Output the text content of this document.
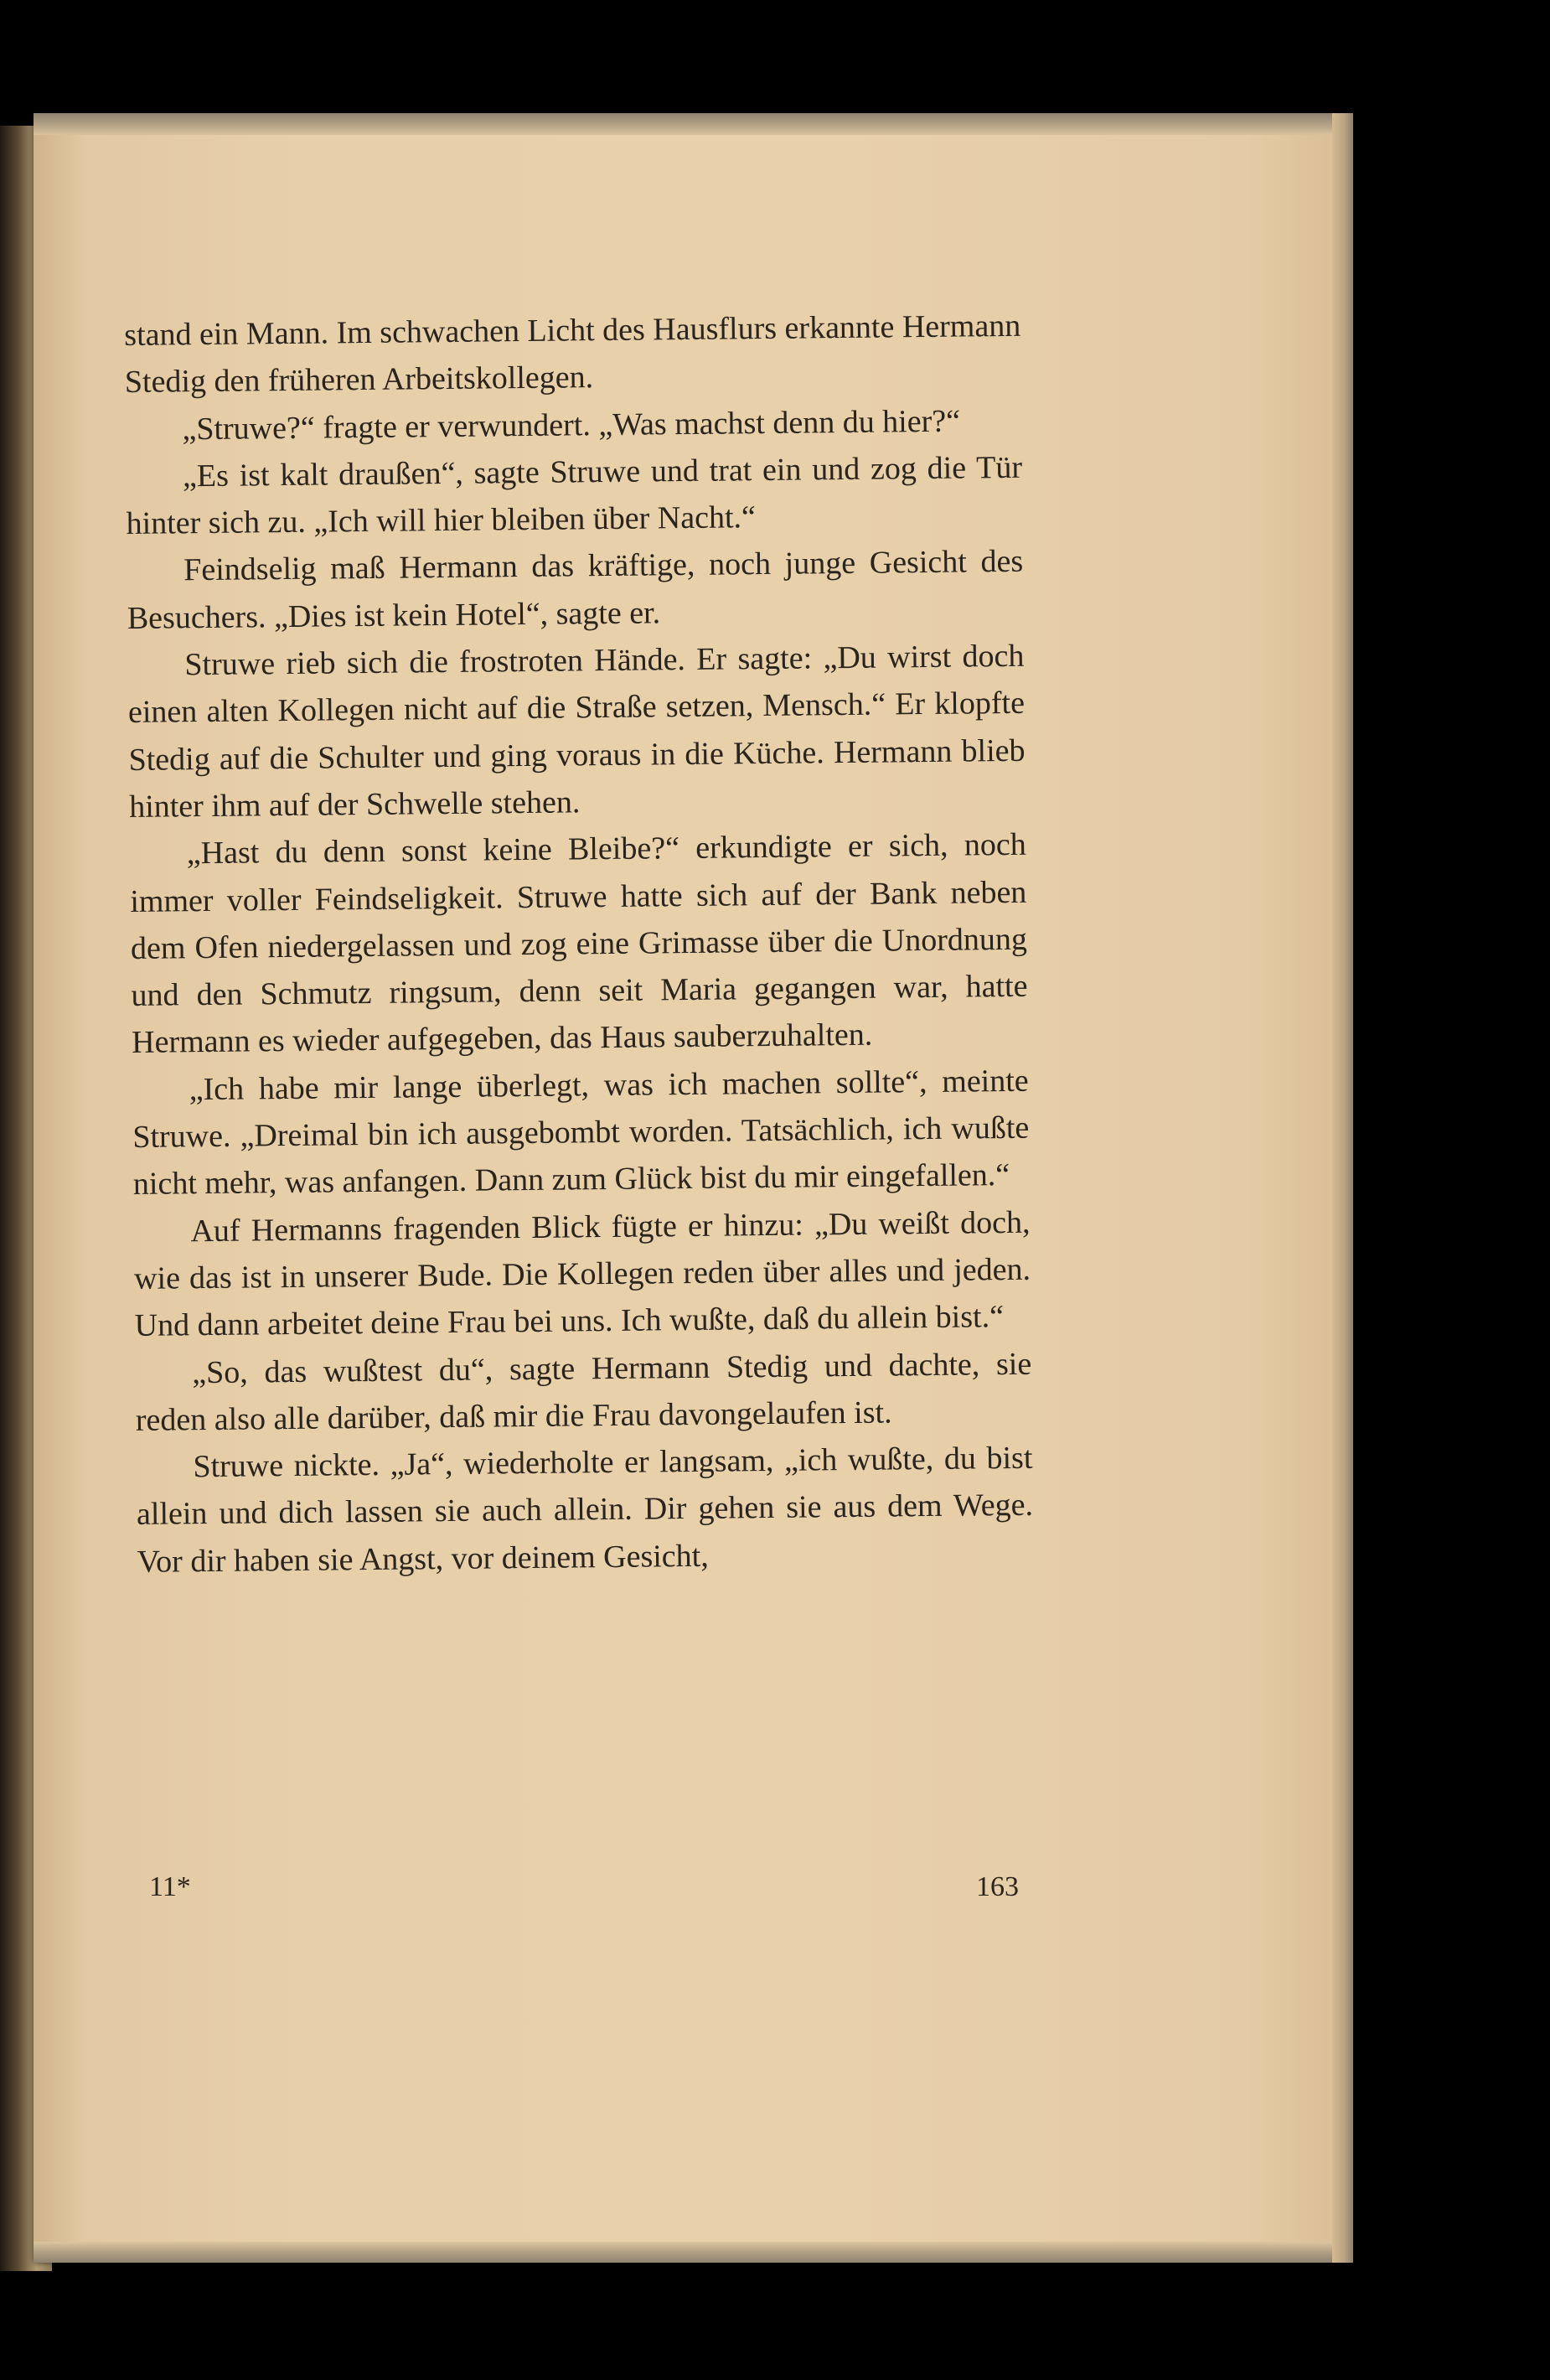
stand ein Mann. Im schwachen Licht des Hausflurs erkannte Hermann Stedig den früheren Arbeitskollegen.

„Struwe?“ fragte er verwundert. „Was machst denn du hier?“

„Es ist kalt draußen“, sagte Struwe und trat ein und zog die Tür hinter sich zu. „Ich will hier bleiben über Nacht.“

Feindselig maß Hermann das kräftige, noch junge Gesicht des Besuchers. „Dies ist kein Hotel“, sagte er.

Struwe rieb sich die frostroten Hände. Er sagte: „Du wirst doch einen alten Kollegen nicht auf die Straße setzen, Mensch.“ Er klopfte Stedig auf die Schulter und ging voraus in die Küche. Hermann blieb hinter ihm auf der Schwelle stehen.

„Hast du denn sonst keine Bleibe?“ erkundigte er sich, noch immer voller Feindseligkeit. Struwe hatte sich auf der Bank neben dem Ofen niedergelassen und zog eine Grimasse über die Unordnung und den Schmutz ringsum, denn seit Maria gegangen war, hatte Hermann es wieder aufgegeben, das Haus sauberzuhalten.

„Ich habe mir lange überlegt, was ich machen sollte“, meinte Struwe. „Dreimal bin ich ausgebombt worden. Tatsächlich, ich wußte nicht mehr, was anfangen. Dann zum Glück bist du mir eingefallen.“

Auf Hermanns fragenden Blick fügte er hinzu: „Du weißt doch, wie das ist in unserer Bude. Die Kollegen reden über alles und jeden. Und dann arbeitet deine Frau bei uns. Ich wußte, daß du allein bist.“

„So, das wußtest du“, sagte Hermann Stedig und dachte, sie reden also alle darüber, daß mir die Frau davongelaufen ist.

Struwe nickte. „Ja“, wiederholte er langsam, „ich wußte, du bist allein und dich lassen sie auch allein. Dir gehen sie aus dem Wege. Vor dir haben sie Angst, vor deinem Gesicht,

11*	163
